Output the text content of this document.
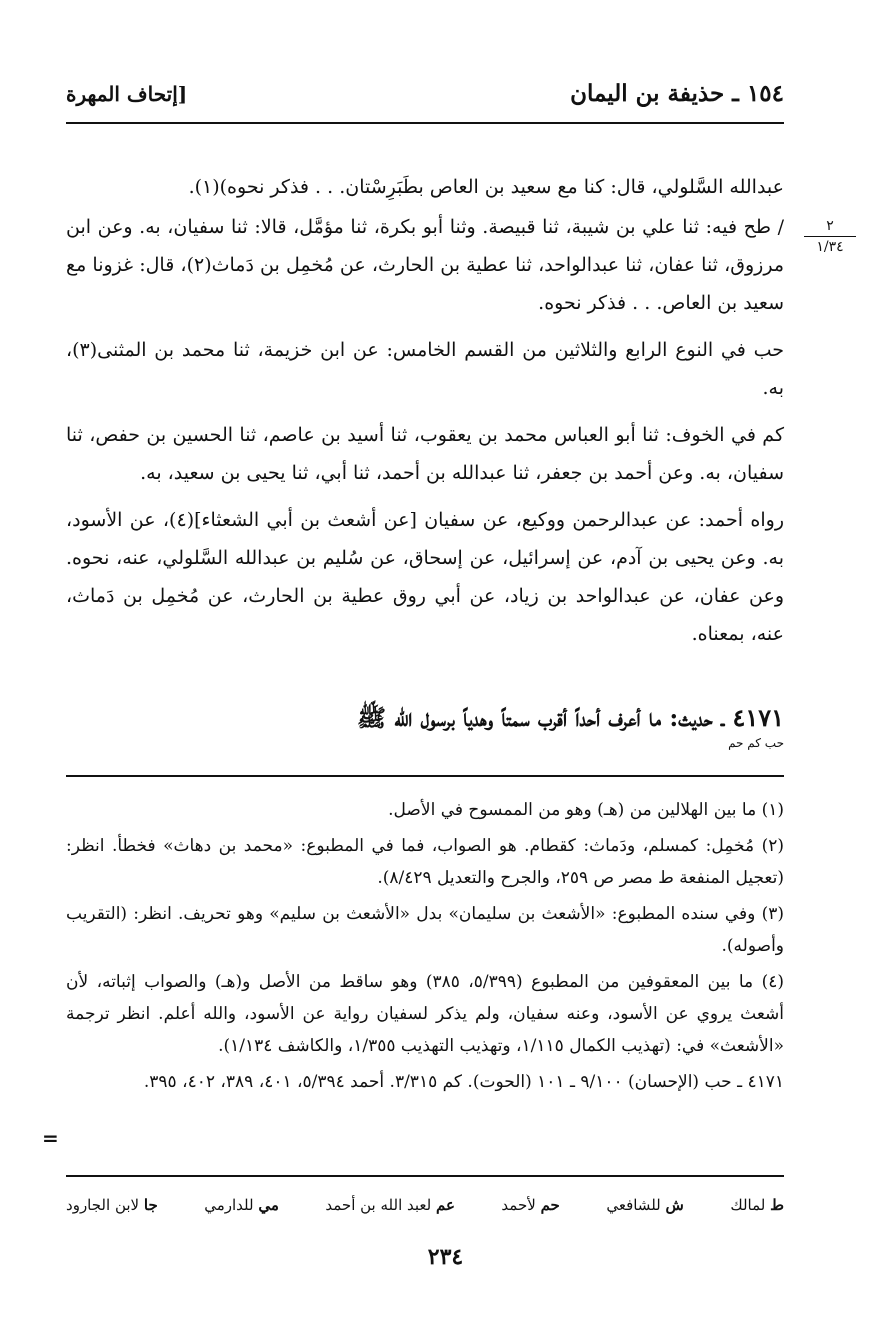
١٥٤ ـ حذيفة بن اليمان
[إتحاف المهرة
٢
١/٣٤

عبدالله السَّلولي، قال: كنا مع سعيد بن العاص بطَبَرِسْتان. . . فذكر نحوه)(١).

/ طح فيه: ثنا علي بن شيبة، ثنا قبيصة. وثنا أبو بكرة، ثنا مؤمَّل، قالا: ثنا سفيان، به. وعن ابن مرزوق، ثنا عفان، ثنا عبدالواحد، ثنا عطية بن الحارث، عن مُخمِل بن دَماث(٢)، قال: غزونا مع سعيد بن العاص. . . فذكر نحوه.

حب في النوع الرابع والثلاثين من القسم الخامس: عن ابن خزيمة، ثنا محمد بن المثنى(٣)، به.

كم في الخوف: ثنا أبو العباس محمد بن يعقوب، ثنا أسيد بن عاصم، ثنا الحسين بن حفص، ثنا سفيان، به. وعن أحمد بن جعفر، ثنا عبدالله بن أحمد، ثنا أبي، ثنا يحيى بن سعيد، به.

رواه أحمد: عن عبدالرحمن ووكيع، عن سفيان [عن أشعث بن أبي الشعثاء](٤)، عن الأسود، به. وعن يحيى بن آدم، عن إسرائيل، عن إسحاق، عن سُليم بن عبدالله السَّلولي، عنه، نحوه. وعن عفان، عن عبدالواحد بن زياد، عن أبي روق عطية بن الحارث، عن مُخمِل بن دَماث، عنه، بمعناه.

٤١٧١ ـ حديث: ما أعرف أحداً أقرب سمتاً وهدياً برسول الله ﷺ
حب كم حم

(١) ما بين الهلالين من (هـ) وهو من الممسوح في الأصل.

(٢) مُخمِل: كمسلم، ودَماث: كقطام. هو الصواب، فما في المطبوع: «محمد بن دهاث» فخطأ. انظر: (تعجيل المنفعة ط مصر ص ٢٥٩، والجرح والتعديل ٨/٤٢٩).

(٣) وفي سنده المطبوع: «الأشعث بن سليمان» بدل «الأشعث بن سليم» وهو تحريف. انظر: (التقريب وأصوله).

(٤) ما بين المعقوفين من المطبوع (٥/٣٩٩، ٣٨٥) وهو ساقط من الأصل و(هـ) والصواب إثباته، لأن أشعث يروي عن الأسود، وعنه سفيان، ولم يذكر لسفيان رواية عن الأسود، والله أعلم. انظر ترجمة «الأشعث» في: (تهذيب الكمال ١/١١٥، وتهذيب التهذيب ١/٣٥٥، والكاشف ١/١٣٤).

٤١٧١ ـ حب (الإحسان) ٩/١٠٠ ـ ١٠١ (الحوت). كم ٣/٣١٥. أحمد ٥/٣٩٤، ٤٠١، ٣٨٩، ٤٠٢، ٣٩٥.

=
ط لمالك
ش للشافعي
حم لأحمد
عم لعبد الله بن أحمد
مي للدارمي
جا لابن الجارود
٢٣٤
